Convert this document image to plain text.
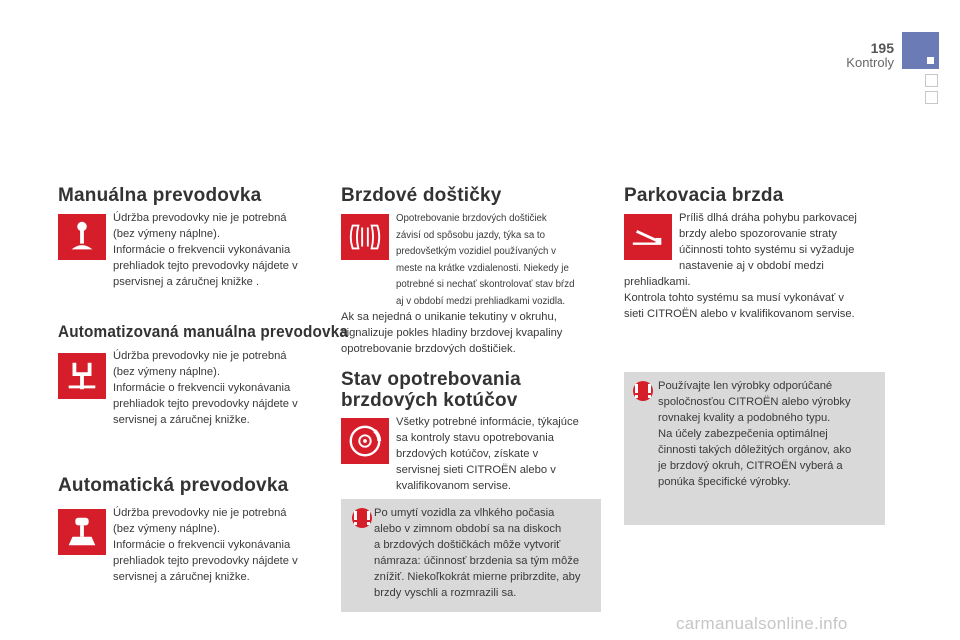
195
Kontroly
Manuálna prevodovka
Údržba prevodovky nie je potrebná
(bez výmeny náplne).
Informácie o frekvencii vykonávania
prehliadok tejto prevodovky nájdete v
pservisnej a záručnej knižke .
Automatizovaná manuálna prevodovka
Údržba prevodovky nie je potrebná
(bez výmeny náplne).
Informácie o frekvencii vykonávania
prehliadok tejto prevodovky nájdete v
servisnej a záručnej knižke.
Automatická prevodovka
Údržba prevodovky nie je potrebná
(bez výmeny náplne).
Informácie o frekvencii vykonávania
prehliadok tejto prevodovky nájdete v
servisnej a záručnej knižke.
Brzdové doštičky
Opotrebovanie brzdových doštičiek
závisí od spôsobu jazdy, týka sa to
predovšetkým vozidiel používaných v
meste na krátke vzdialenosti. Niekedy je
potrebné si nechať skontrolovať stav bŕzd
aj v období medzi prehliadkami vozidla.
Ak sa nejedná o unikanie tekutiny v okruhu,
signalizuje pokles hladiny brzdovej kvapaliny
opotrebovanie brzdových doštičiek.
Stav opotrebovania
brzdových kotúčov
Všetky potrebné informácie, týkajúce
sa kontroly stavu opotrebovania
brzdových kotúčov, získate v
servisnej sieti CITROËN alebo v
kvalifikovanom servise.
Po umytí vozidla za vlhkého počasia
alebo v zimnom období sa na diskoch
a brzdových doštičkách môže vytvoriť
námraza: účinnosť brzdenia sa tým môže
znížiť. Niekoľkokrát mierne pribrzdite, aby
brzdy vyschli a rozmrazili sa.
Parkovacia brzda
Príliš dlhá dráha pohybu parkovacej
brzdy alebo spozorovanie straty
účinnosti tohto systému si vyžaduje
nastavenie aj v období medzi
prehliadkami.
Kontrola tohto systému sa musí vykonávať v
sieti CITROËN alebo v kvalifikovanom servise.
Používajte len výrobky odporúčané
spoločnosťou CITROËN alebo výrobky
rovnakej kvality a podobného typu.
Na účely zabezpečenia optimálnej
činnosti takých dôležitých orgánov, ako
je brzdový okruh, CITROËN vyberá a
ponúka špecifické výrobky.
carmanualsonline.info
